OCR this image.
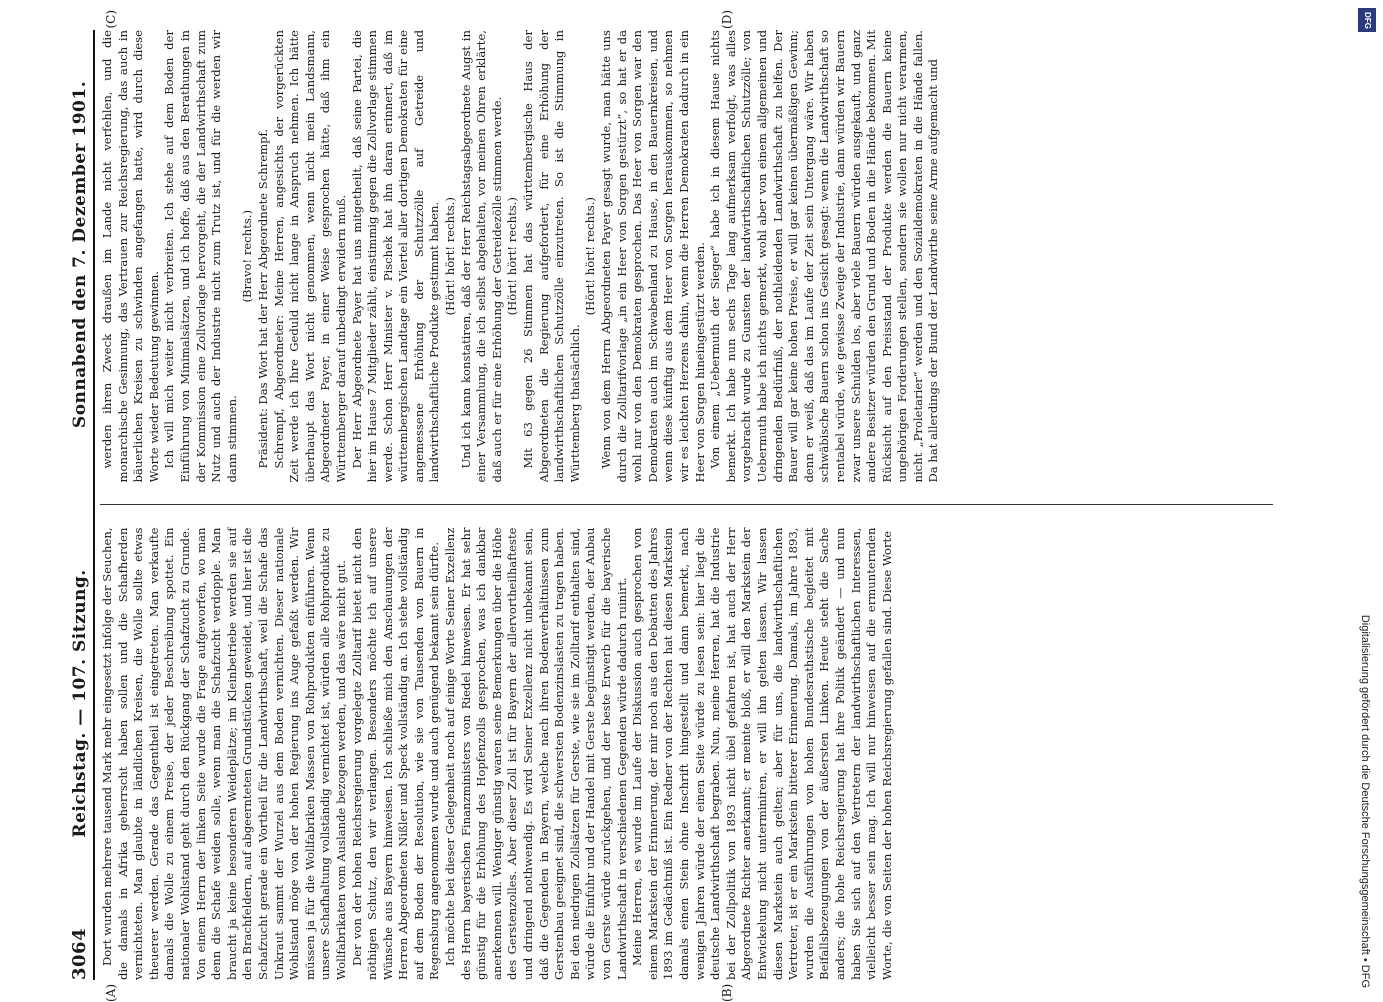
3064
Reichstag. — 107. Sitzung.
Sonnabend den 7. Dezember 1901.
(A)	(B)
(C)	(D)

Dort wurden mehrere tausend Mark mehr eingesetzt infolge der Seuchen, die damals in Afrika geherrscht haben sollen und die Schafherden vernichteten. Man glaubte in ländlichen Kreisen, die Wolle sollte etwas theuerer werden. Gerade das Gegentheil ist eingetreten. Man verkaufte damals die Wolle zu einem Preise, der jeder Beschreibung spottet. Ein nationaler Wohlstand geht durch den Rückgang der Schafzucht zu Grunde. Von einem Herrn der linken Seite wurde die Frage aufgeworfen, wo man denn die Schafe weiden solle, wenn man die Schafzucht verdopple. Man braucht ja keine besonderen Weideplätze; im Kleinbetriebe werden sie auf den Brachfeldern, auf abgeernteten Grundstücken geweidet, und hier ist die Schafzucht gerade ein Vortheil für die Landwirthschaft, weil die Schafe das Unkraut sammt der Wurzel aus dem Boden vernichten. Dieser nationale Wohlstand möge von der hohen Regierung ins Auge gefaßt werden. Wir müssen ja für die Wollfabriken Massen von Rohprodukten einführen. Wenn unsere Schafhaltung vollständig vernichtet ist, würden alle Rohprodukte zu Wollfabrikaten vom Auslande bezogen werden, und das wäre nicht gut. Der von der hohen Reichsregierung vorgelegte Zolltarif bietet nicht den nöthigen Schutz, den wir verlangen. Besonders möchte ich auf unsere Wünsche aus Bayern hinweisen. Ich schließe mich den Anschauungen der Herren Abgeordneten Nißler und Speck vollständig an. Ich stehe vollständig auf dem Boden der Resolution, wie sie von Tausenden von Bauern in Regensburg angenommen wurde und auch genügend bekannt sein dürfte. Ich möchte bei dieser Gelegenheit noch auf einige Worte Seiner Exzellenz des Herrn bayerischen Finanzministers von Riedel hinweisen. Er hat sehr günstig für die Erhöhung des Hopfenzolls gesprochen, was ich dankbar anerkennen will. Weniger günstig waren seine Bemerkungen über die Höhe des Gerstenzolles. Aber dieser Zoll ist für Bayern der allervortheilhafteste und dringend nothwendig. Es wird Seiner Exzellenz nicht unbekannt sein, daß die Gegenden in Bayern, welche nach ihren Bodenverhältnissen zum Gerstenbau geeignet sind, die schwersten Bodenzinslasten zu tragen haben. Bei den niedrigen Zollsätzen für Gerste, wie sie im Zolltarif enthalten sind, würde die Einfuhr und der Handel mit Gerste begünstigt werden, der Anbau von Gerste würde zurückgehen, und der beste Erwerb für die bayerische Landwirthschaft in verschiedenen Gegenden würde dadurch ruinirt. Meine Herren, es wurde im Laufe der Diskussion auch gesprochen von einem Markstein der Erinnerung, der mir noch aus den Debatten des Jahres 1893 im Gedächtniß ist. Ein Redner von der Rechten hat diesen Markstein damals einen Stein ohne Inschrift hingestellt und dann bemerkt, nach wenigen Jahren würde der einen Seite würde zu lesen sein: hier liegt die deutsche Landwirthschaft begraben. Nun, meine Herren, hat die Industrie bei der Zollpolitik von 1893 nicht übel gefahren ist, hat auch der Herr Abgeordnete Richter anerkannt; er meinte bloß, er will den Markstein der Entwickelung nicht unterminiren, er will ihn gelten lassen. Wir lassen diesen Markstein auch gelten; aber für uns, die landwirthschaftlichen Vertreter, ist er ein Markstein bitterer Erinnerung. Damals, im Jahre 1893, wurden die Ausführungen von hohen Bundesrathstische begleitet mit Beifallsbezeugungen von der äußersten Linken. Heute steht die Sache anders; die hohe Reichsregierung hat ihre Politik geändert — und nun haben Sie sich auf den Vertretern der landwirthschaftlichen Interessen, vielleicht besser sein mag. Ich will nur hinweisen auf die ermunternden Worte, die von Seiten der hohen Reichsregierung gefallen sind. Diese Worte

werden ihren Zweck draußen im Lande nicht verfehlen, und die monarchische Gesinnung, das Vertrauen zur Reichsregierung, das auch in bäuerlichen Kreisen zu schwinden angefangen hatte, wird durch diese Worte wieder Bedeutung gewinnen. Ich will mich weiter nicht verbreiten. Ich stehe auf dem Boden der Einführung von Minimalsätzen, und ich hoffe, daß aus den Berathungen in der Kommission eine Zollvorlage hervorgeht, die der Landwirthschaft zum Nutz und auch der Industrie nicht zum Trutz ist, und für die werden wir dann stimmen.

(Bravo! rechts.) Präsident: Das Wort hat der Herr Abgeordnete Schrempf. Schrempf, Abgeordneter: Meine Herren, angesichts der vorgerückten Zeit werde ich Ihre Geduld nicht lange in Anspruch nehmen. Ich hätte überhaupt das Wort nicht genommen, wenn nicht mein Landsmann, Abgeordneter Payer, in einer Weise gesprochen hätte, daß ihm ein Württemberger darauf unbedingt erwidern muß. Der Herr Abgeordnete Payer hat uns mitgetheilt, daß seine Partei, die hier im Hause 7 Mitglieder zählt, einstimmig gegen die Zollvorlage stimmen werde. Schon Herr Minister v. Pischek hat ihn daran erinnert, daß im württembergischen Landtage ein Viertel aller dortigen Demokraten für eine angemessene Erhöhung der Schutzzölle auf Getreide und landwirthschaftliche Produkte gestimmt haben. (Hört! hört! rechts.) Und ich kann konstatiren, daß der Herr Reichstagsabgeordnete Augst in einer Versammlung, die ich selbst abgehalten, vor meinen Ohren erklärte, daß auch er für eine Erhöhung der Getreidezölle stimmen werde. (Hört! hört! rechts.) Mit 63 gegen 26 Stimmen hat das württembergische Haus der Abgeordneten die Regierung aufgefordert, für eine Erhöhung der landwirthschaftlichen Schutzzölle einzutreten. So ist die Stimmung in Württemberg thatsächlich.

(Hört! hört! rechts.) Wenn von dem Herrn Abgeordneten Payer gesagt wurde, man hätte uns durch die Zolltarifvorlage „in ein Heer von Sorgen gestürzt“, so hat er da wohl nur von den Demokraten gesprochen. Das Heer von Sorgen war den Demokraten auch im Schwabenland zu Hause, in den Bauernkreisen, und wenn diese künftig aus dem Heer von Sorgen herauskommen, so nehmen wir es leichten Herzens dahin, wenn die Herren Demokraten dadurch in ein Heer von Sorgen hineingestürzt werden. Von einem „Uebermuth der Sieger“ habe ich in diesem Hause nichts bemerkt. Ich habe nun sechs Tage lang aufmerksam verfolgt, was alles vorgebracht wurde zu Gunsten der landwirthschaftlichen Schutzzölle; von Uebermuth habe ich nichts gemerkt, wohl aber von einem allgemeinen und dringenden Bedürfniß, der nothleidenden Landwirthschaft zu helfen. Der Bauer will gar keine hohen Preise, er will gar keinen übermäßigen Gewinn; denn er weiß, daß das im Laufe der Zeit sein Untergang wäre. Wir haben schwäbische Bauern schon ins Gesicht gesagt: wenn die Landwirthschaft so rentabel würde, wie gewisse Zweige der Industrie, dann würden wir Bauern zwar unsere Schulden los, aber viele Bauern würden ausgekauft, und ganz andere Besitzer würden den Grund und Boden in die Hände bekommen. Mit Rücksicht auf den Preisstand der Produkte werden die Bauern keine ungehörigen Forderungen stellen, sondern sie wollen nur nicht verarmen, nicht „Proletarier“ werden und den Sozialdemokraten in die Hände fallen. Da hat allerdings der Bund der Landwirthe seine Arme aufgemacht und

DFG
Digitalisierung gefördert durch die Deutsche Forschungsgemeinschaft • DFG
